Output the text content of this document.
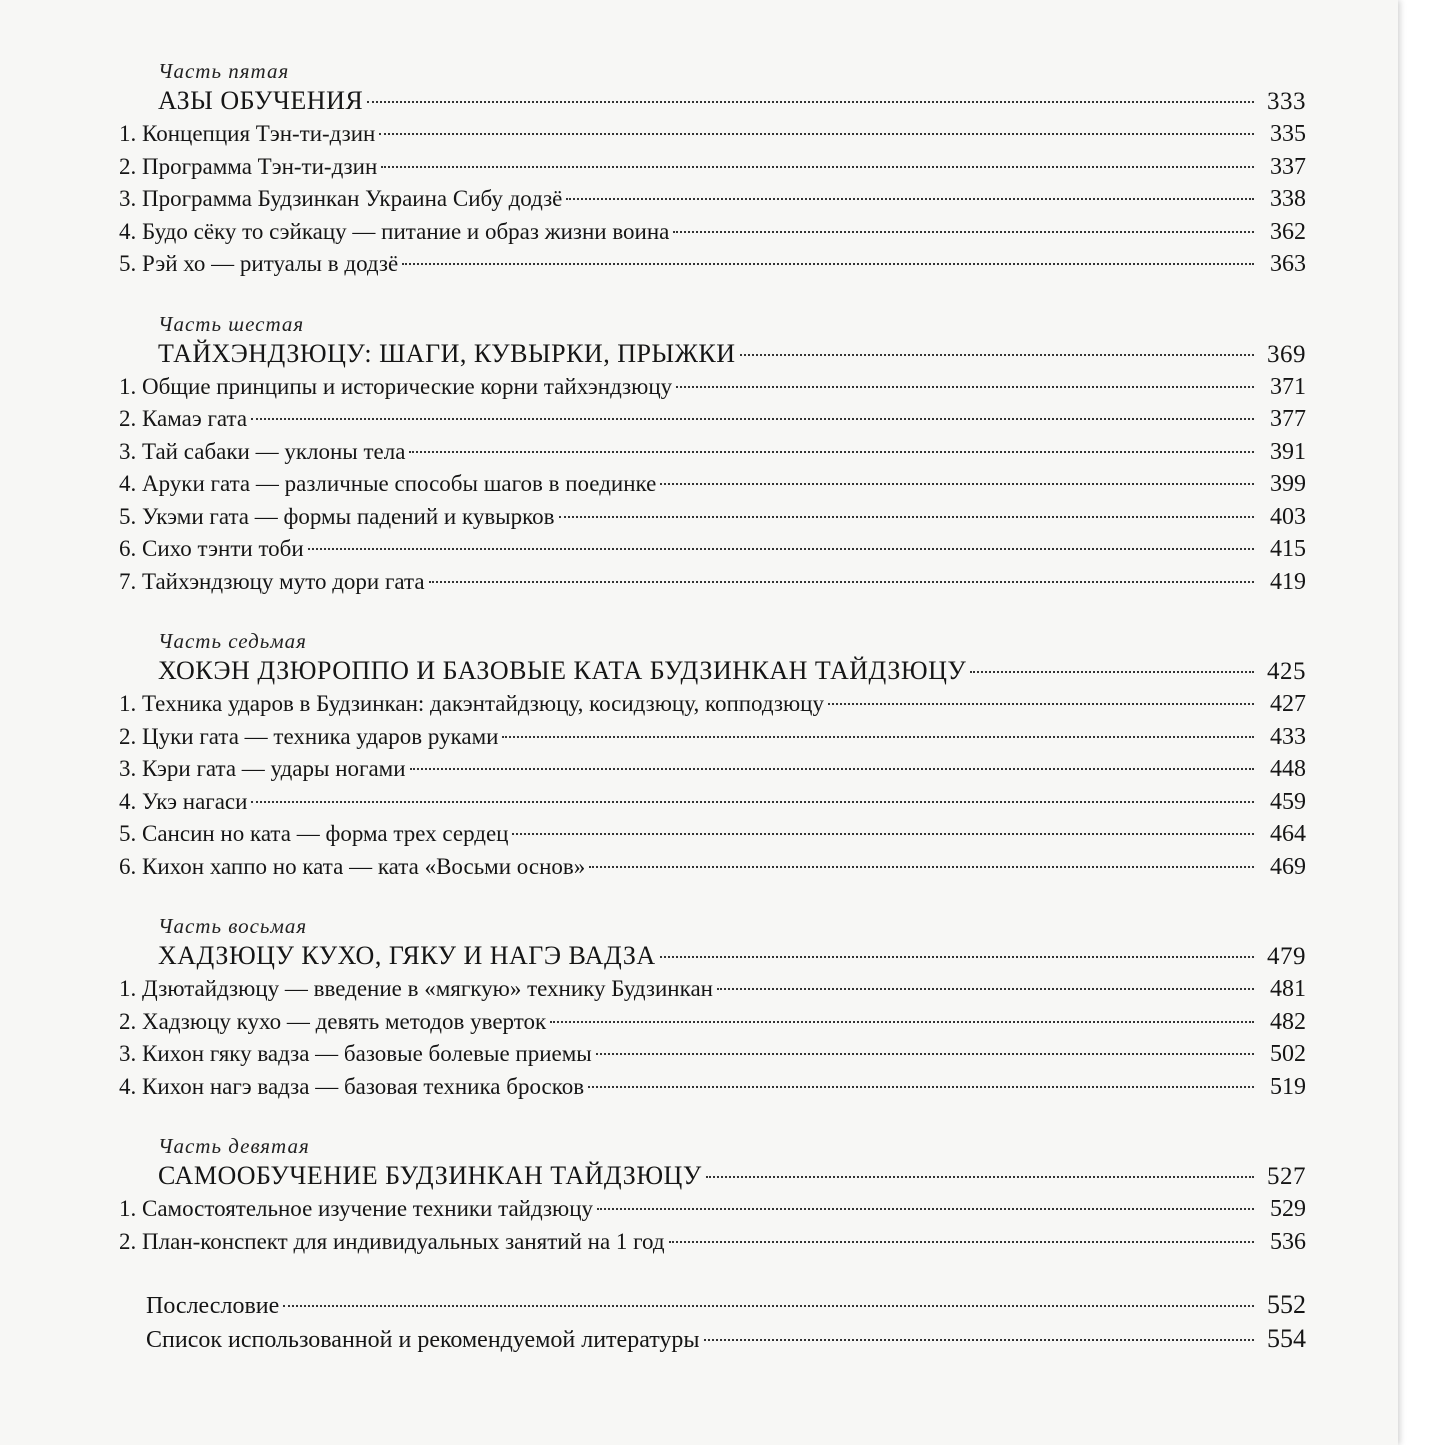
Часть пятая
АЗЫ ОБУЧЕНИЯ	333
1. Концепция Тэн-ти-дзин	335
2. Программа Тэн-ти-дзин	337
3. Программа Будзинкан Украина Сибу додзё	338
4. Будо сёку то сэйкацу — питание и образ жизни воина	362
5. Рэй хо — ритуалы в додзё	363
Часть шестая
ТАЙХЭНДЗЮЦУ: ШАГИ, КУВЫРКИ, ПРЫЖКИ	369
1. Общие принципы и исторические корни тайхэндзюцу	371
2. Камаэ гата	377
3. Тай сабаки — уклоны тела	391
4. Аруки гата — различные способы шагов в поединке	399
5. Укэми гата — формы падений и кувырков	403
6. Сихо тэнти тоби	415
7. Тайхэндзюцу муто дори гата	419
Часть седьмая
ХОКЭН ДЗЮРОППО И БАЗОВЫЕ КАТА БУДЗИНКАН ТАЙДЗЮЦУ	425
1. Техника ударов в Будзинкан: дакэнтайдзюцу, косидзюцу, копподзюцу	427
2. Цуки гата — техника ударов руками	433
3. Кэри гата — удары ногами	448
4. Укэ нагаси	459
5. Сансин но ката — форма трех сердец	464
6. Кихон хаппо но ката — ката «Восьми основ»	469
Часть восьмая
ХАДЗЮЦУ КУХО, ГЯКУ И НАГЭ ВАДЗА	479
1. Дзютайдзюцу — введение в «мягкую» технику Будзинкан	481
2. Хадзюцу кухо — девять методов уверток	482
3. Кихон гяку вадза — базовые болевые приемы	502
4. Кихон нагэ вадза — базовая техника бросков	519
Часть девятая
САМООБУЧЕНИЕ БУДЗИНКАН ТАЙДЗЮЦУ	527
1. Самостоятельное изучение техники тайдзюцу	529
2. План-конспект для индивидуальных занятий на 1 год	536
Послесловие	552
Список использованной и рекомендуемой литературы	554
